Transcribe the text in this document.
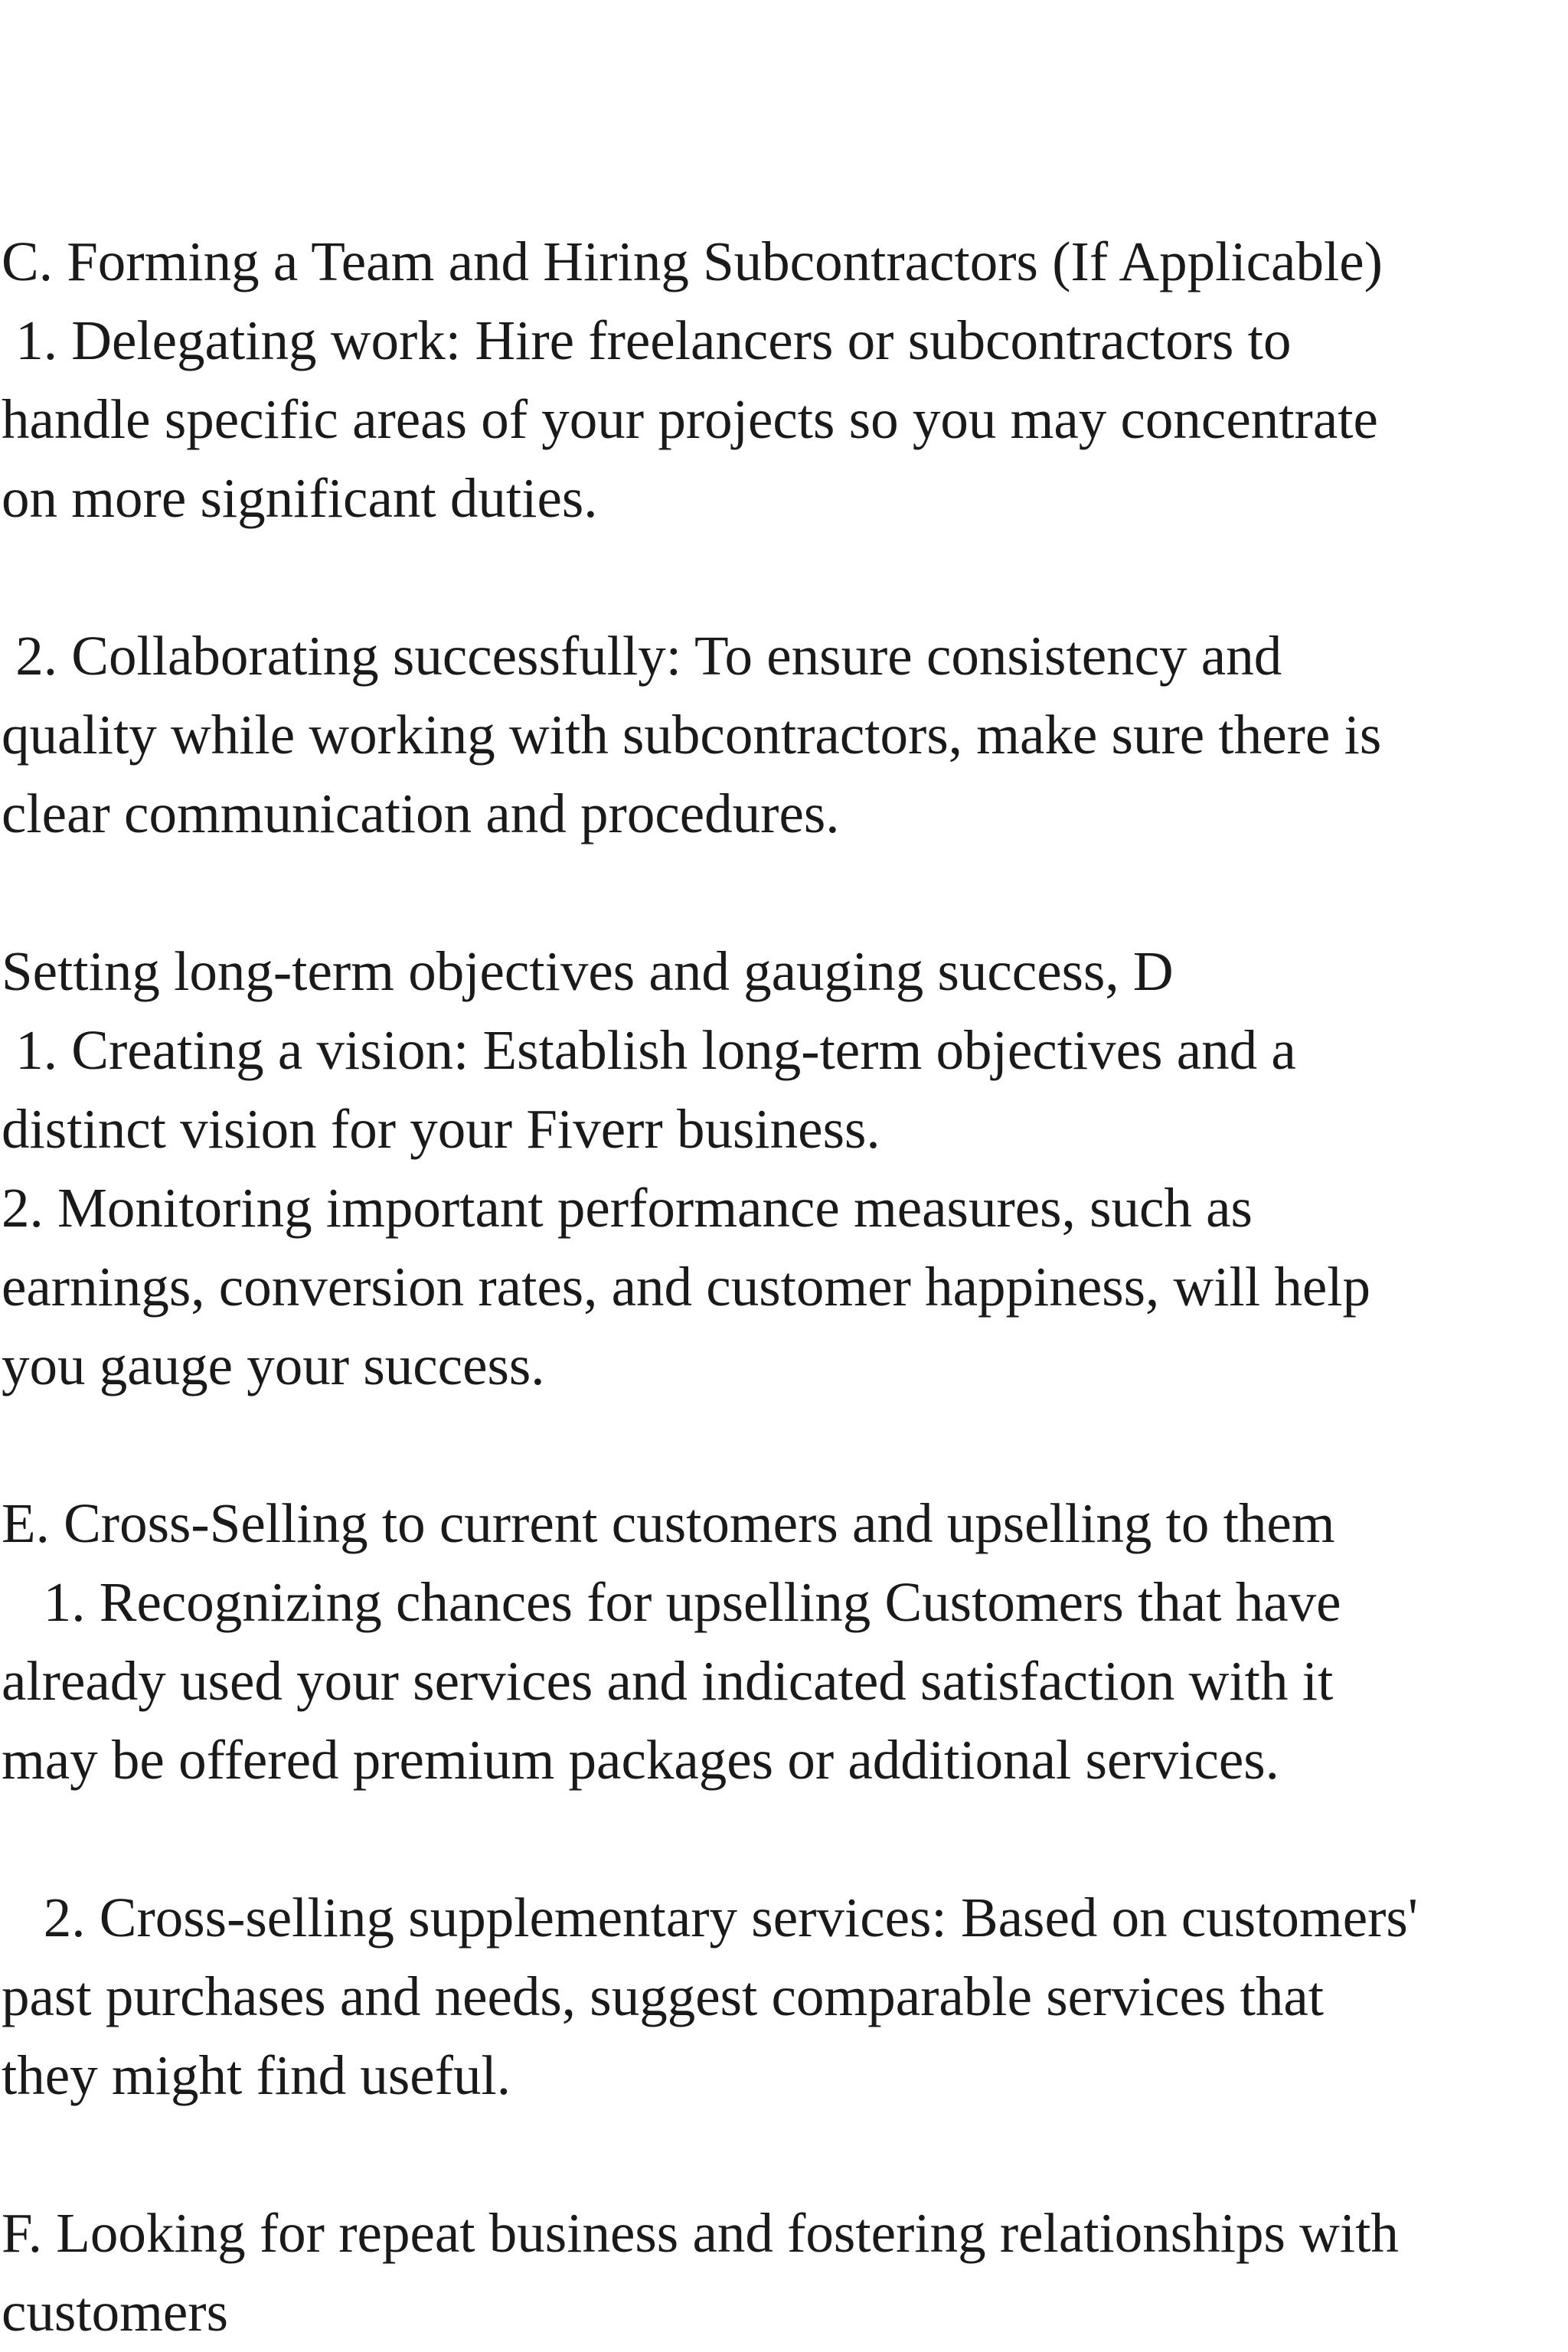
C. Forming a Team and Hiring Subcontractors (If Applicable)
1. Delegating work: Hire freelancers or subcontractors to
handle specific areas of your projects so you may concentrate
on more significant duties.
2. Collaborating successfully: To ensure consistency and
quality while working with subcontractors, make sure there is
clear communication and procedures.
Setting long-term objectives and gauging success, D
1. Creating a vision: Establish long-term objectives and a
distinct vision for your Fiverr business.
2. Monitoring important performance measures, such as
earnings, conversion rates, and customer happiness, will help
you gauge your success.
E. Cross-Selling to current customers and upselling to them
1. Recognizing chances for upselling Customers that have
already used your services and indicated satisfaction with it
may be offered premium packages or additional services.
2. Cross-selling supplementary services: Based on customers'
past purchases and needs, suggest comparable services that
they might find useful.
F. Looking for repeat business and fostering relationships with
customers
